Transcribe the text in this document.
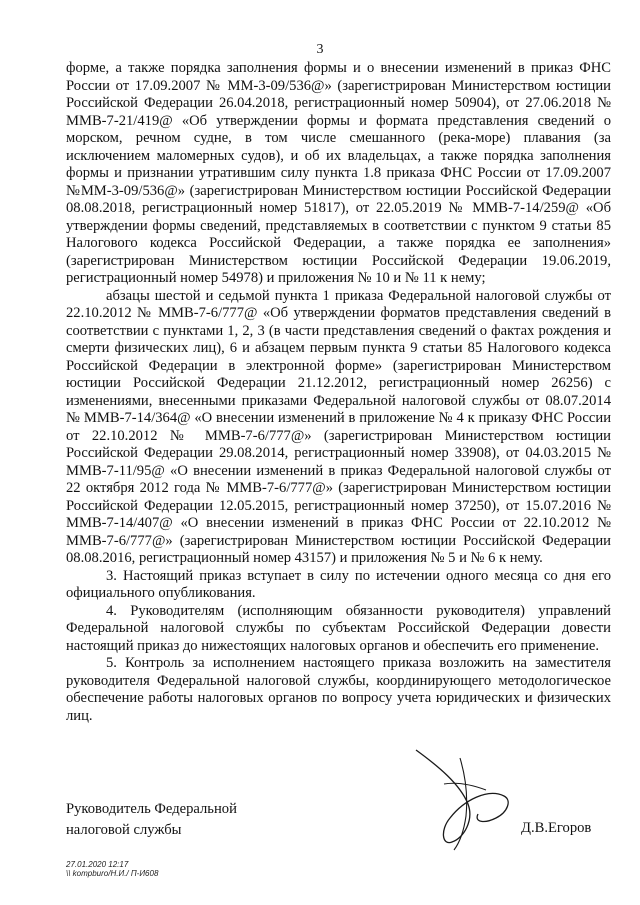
3

форме, а также порядка заполнения формы и о внесении изменений в приказ ФНС России от 17.09.2007 № ММ-3-09/536@» (зарегистрирован Министерством юстиции Российской Федерации 26.04.2018, регистрационный номер 50904), от 27.06.2018 № ММВ-7-21/419@ «Об утверждении формы и формата представления сведений о морском, речном судне, в том числе смешанного (река-море) плавания (за исключением маломерных судов), и об их владельцах, а также порядка заполнения формы и признании утратившим силу пункта 1.8 приказа ФНС России от 17.09.2007 №ММ-3-09/536@» (зарегистрирован Министерством юстиции Российской Федерации 08.08.2018, регистрационный номер 51817), от 22.05.2019 № ММВ-7-14/259@ «Об утверждении формы сведений, представляемых в соответствии с пунктом 9 статьи 85 Налогового кодекса Российской Федерации, а также порядка ее заполнения» (зарегистрирован Министерством юстиции Российской Федерации 19.06.2019, регистрационный номер 54978) и приложения № 10 и № 11 к нему;

абзацы шестой и седьмой пункта 1 приказа Федеральной налоговой службы от 22.10.2012 № ММВ-7-6/777@ «Об утверждении форматов представления сведений в соответствии с пунктами 1, 2, 3 (в части представления сведений о фактах рождения и смерти физических лиц), 6 и абзацем первым пункта 9 статьи 85 Налогового кодекса Российской Федерации в электронной форме» (зарегистрирован Министерством юстиции Российской Федерации 21.12.2012, регистрационный номер 26256) с изменениями, внесенными приказами Федеральной налоговой службы от 08.07.2014 № ММВ-7-14/364@ «О внесении изменений в приложение № 4 к приказу ФНС России от 22.10.2012 № ММВ-7-6/777@» (зарегистрирован Министерством юстиции Российской Федерации 29.08.2014, регистрационный номер 33908), от 04.03.2015 № ММВ-7-11/95@ «О внесении изменений в приказ Федеральной налоговой службы от 22 октября 2012 года № ММВ-7-6/777@» (зарегистрирован Министерством юстиции Российской Федерации 12.05.2015, регистрационный номер 37250), от 15.07.2016 № ММВ-7-14/407@ «О внесении изменений в приказ ФНС России от 22.10.2012 № ММВ-7-6/777@» (зарегистрирован Министерством юстиции Российской Федерации 08.08.2016, регистрационный номер 43157) и приложения № 5 и № 6 к нему.

3. Настоящий приказ вступает в силу по истечении одного месяца со дня его официального опубликования.

4. Руководителям (исполняющим обязанности руководителя) управлений Федеральной налоговой службы по субъектам Российской Федерации довести настоящий приказ до нижестоящих налоговых органов и обеспечить его применение.

5. Контроль за исполнением настоящего приказа возложить на заместителя руководителя Федеральной налоговой службы, координирующего методологическое обеспечение работы налоговых органов по вопросу учета юридических и физических лиц.

Руководитель Федеральной
налоговой службы	Д.В.Егоров
27.01.2020 12:17
\\ kompburo/Н.И./ П-И608
